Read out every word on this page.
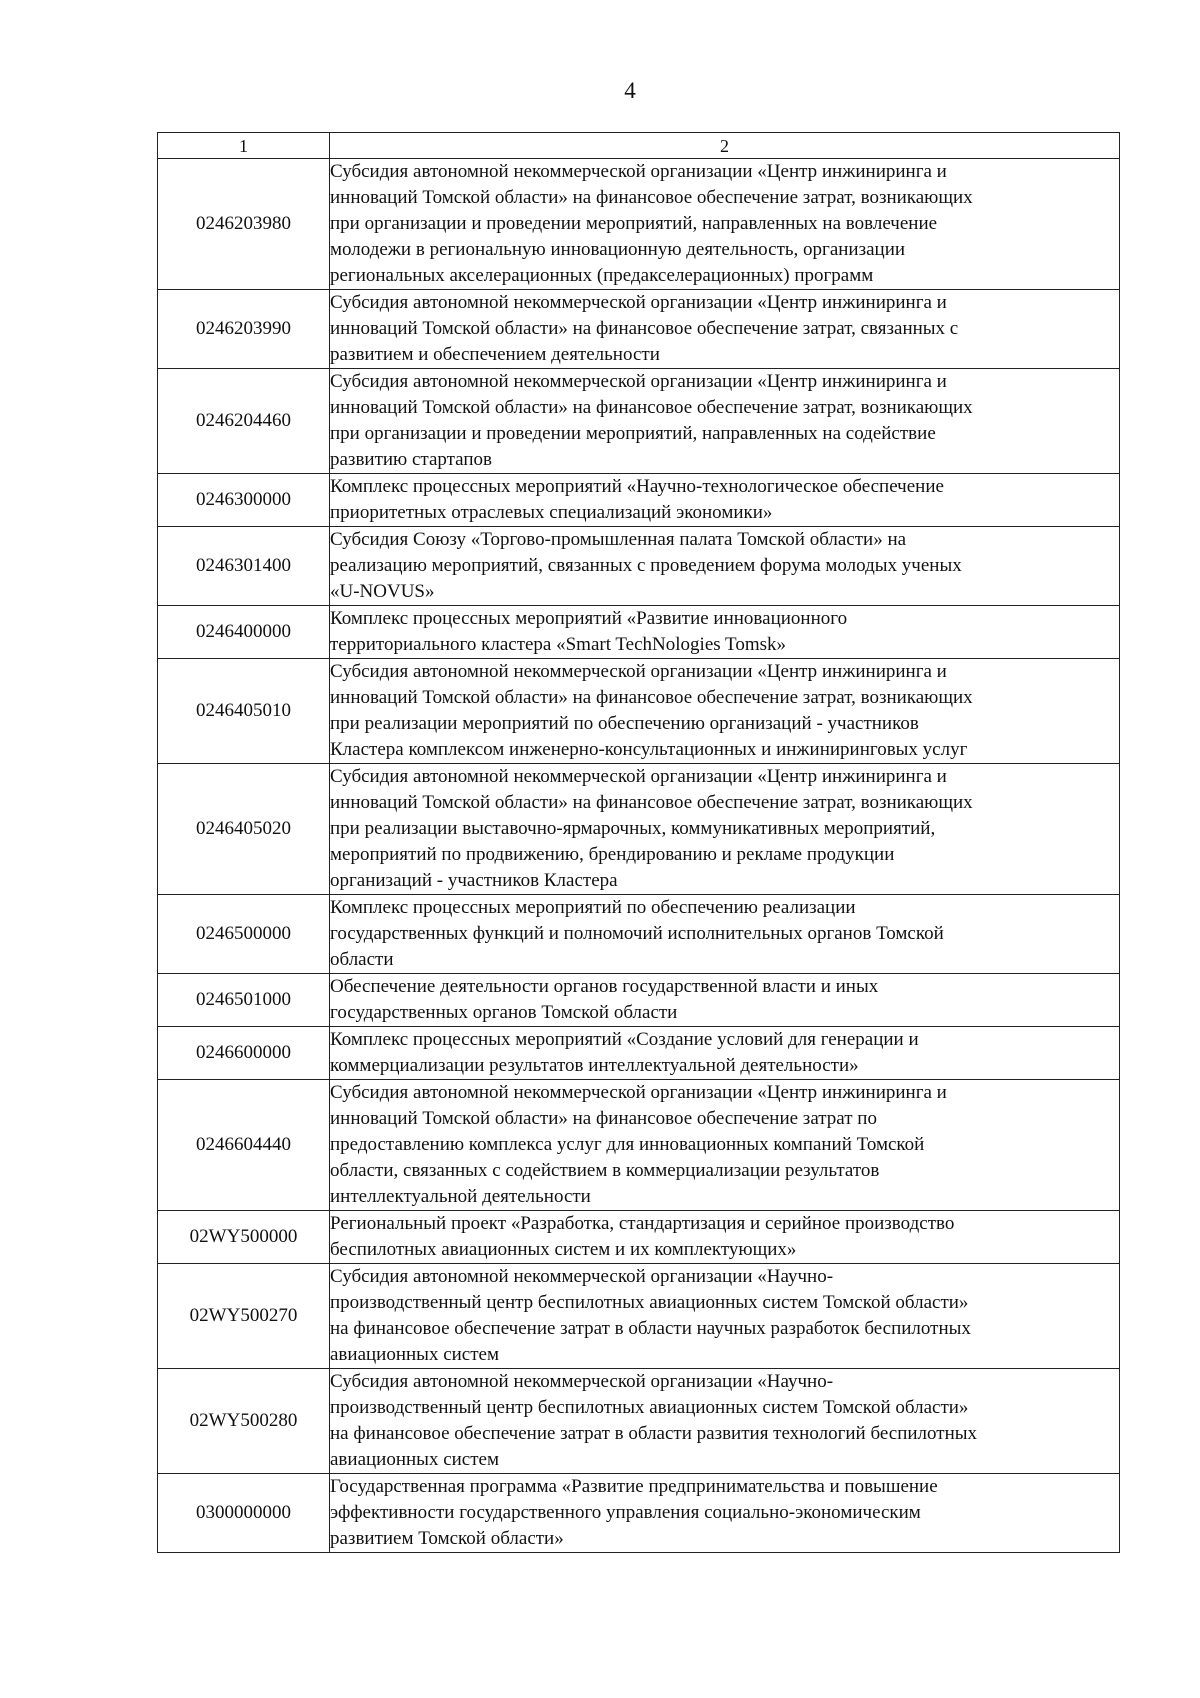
4
1	2
0246203980	Субсидия автономной некоммерческой организации «Центр инжиниринга и
инноваций Томской области» на финансовое обеспечение затрат, возникающих
при организации и проведении мероприятий, направленных на вовлечение
молодежи в региональную инновационную деятельность, организации
региональных акселерационных (предакселерационных) программ

0246203990	Субсидия автономной некоммерческой организации «Центр инжиниринга и
инноваций Томской области» на финансовое обеспечение затрат, связанных с
развитием и обеспечением деятельности

0246204460	Субсидия автономной некоммерческой организации «Центр инжиниринга и
инноваций Томской области» на финансовое обеспечение затрат, возникающих
при организации и проведении мероприятий, направленных на содействие
развитию стартапов

0246300000	Комплекс процессных мероприятий «Научно-технологическое обеспечение
приоритетных отраслевых специализаций экономики»

0246301400	Субсидия Союзу «Торгово-промышленная палата Томской области» на
реализацию мероприятий, связанных с проведением форума молодых ученых
«U-NOVUS»

0246400000	Комплекс процессных мероприятий «Развитие инновационного
территориального кластера «Smart TechNologies Tomsk»

0246405010	Субсидия автономной некоммерческой организации «Центр инжиниринга и
инноваций Томской области» на финансовое обеспечение затрат, возникающих
при реализации мероприятий по обеспечению организаций - участников
Кластера комплексом инженерно-консультационных и инжиниринговых услуг

0246405020	Субсидия автономной некоммерческой организации «Центр инжиниринга и
инноваций Томской области» на финансовое обеспечение затрат, возникающих
при реализации выставочно-ярмарочных, коммуникативных мероприятий,
мероприятий по продвижению, брендированию и рекламе продукции
организаций - участников Кластера

0246500000	Комплекс процессных мероприятий по обеспечению реализации
государственных функций и полномочий исполнительных органов Томской
области

0246501000	Обеспечение деятельности органов государственной власти и иных
государственных органов Томской области

0246600000	Комплекс процессных мероприятий «Создание условий для генерации и
коммерциализации результатов интеллектуальной деятельности»

0246604440	Субсидия автономной некоммерческой организации «Центр инжиниринга и
инноваций Томской области» на финансовое обеспечение затрат по
предоставлению комплекса услуг для инновационных компаний Томской
области, связанных с содействием в коммерциализации результатов
интеллектуальной деятельности

02WY500000	Региональный проект «Разработка, стандартизация и серийное производство
беспилотных авиационных систем и их комплектующих»

02WY500270	Субсидия автономной некоммерческой организации «Научно-
производственный центр беспилотных авиационных систем Томской области»
на финансовое обеспечение затрат в области научных разработок беспилотных
авиационных систем

02WY500280	Субсидия автономной некоммерческой организации «Научно-
производственный центр беспилотных авиационных систем Томской области»
на финансовое обеспечение затрат в области развития технологий беспилотных
авиационных систем

0300000000	Государственная программа «Развитие предпринимательства и повышение
эффективности государственного управления социально-экономическим
развитием Томской области»
